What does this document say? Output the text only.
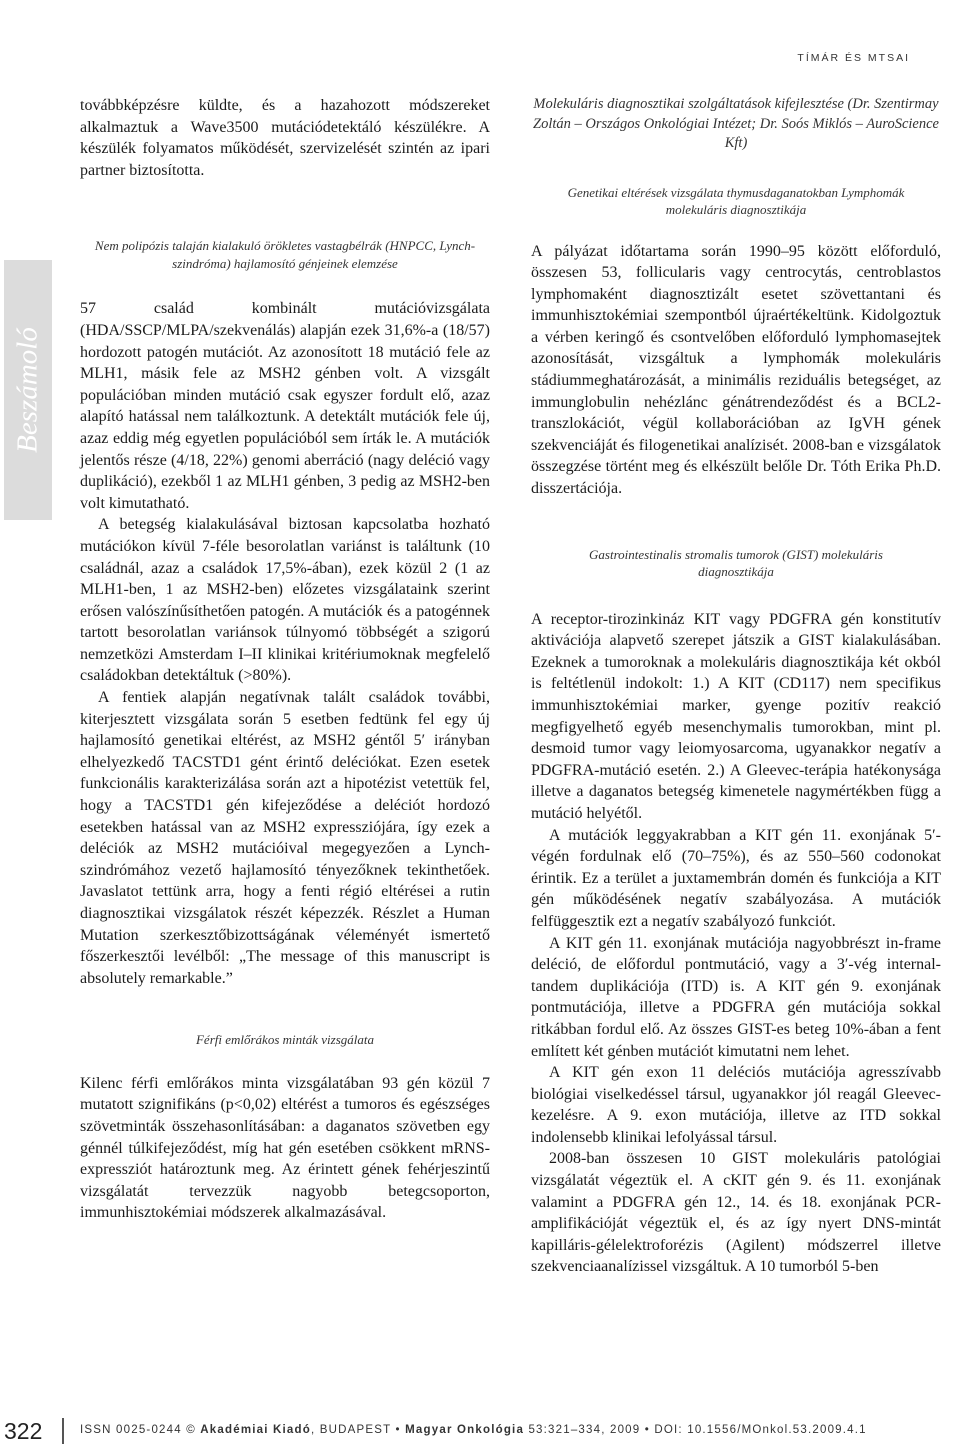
TÍMÁR ÉS MTSAI
Beszámoló

továbbképzésre küldte, és a hazahozott módszereket alkalmaztuk a Wave3500 mutációdetektáló készülékre. A készülék folyamatos működését, szervizelését szintén az ipari partner biztosította.

Nem polipózis talaján kialakuló örökletes vastagbélrák (HNPCC, Lynch-szindróma) hajlamosító génjeinek elemzése

57 család kombinált mutációvizsgálata (HDA/SSCP/MLPA/szekvenálás) alapján ezek 31,6%-a (18/57) hordozott patogén mutációt. Az azonosított 18 mutáció fele az MLH1, másik fele az MSH2 génben volt. A vizsgált populációban minden mutáció csak egyszer fordult elő, azaz alapító hatással nem találkoztunk. A detektált mutációk fele új, azaz eddig még egyetlen populációból sem írták le. A mutációk jelentős része (4/18, 22%) genomi aberráció (nagy deléció vagy duplikáció), ezekből 1 az MLH1 génben, 3 pedig az MSH2-ben volt kimutatható.

A betegség kialakulásával biztosan kapcsolatba hozható mutációkon kívül 7-féle besorolatlan variánst is találtunk (10 családnál, azaz a családok 17,5%-ában), ezek közül 2 (1 az MLH1-ben, 1 az MSH2-ben) előzetes vizsgálataink szerint erősen valószínűsíthetően patogén. A mutációk és a patogénnek tartott besorolatlan variánsok túlnyomó többségét a szigorú nemzetközi Amsterdam I–II klinikai kritériumoknak megfelelő családokban detektáltuk (>80%).

A fentiek alapján negatívnak talált családok további, kiterjesztett vizsgálata során 5 esetben fedtünk fel egy új hajlamosító genetikai eltérést, az MSH2 géntől 5′ irányban elhelyezkedő TACSTD1 gént érintő deléciókat. Ezen esetek funkcionális karakterizálása során azt a hipotézist vetettük fel, hogy a TACSTD1 gén kifejeződése a deléciót hordozó esetekben hatással van az MSH2 expressziójára, így ezek a deléciók az MSH2 mutációival megegyezően a Lynch-szindrómához vezető hajlamosító tényezőknek tekinthetőek. Javaslatot tettünk arra, hogy a fenti régió eltérései a rutin diagnosztikai vizsgálatok részét képezzék. Részlet a Human Mutation szerkesztőbizottságának véleményét ismertető főszerkesztői levélből: „The message of this manuscript is absolutely remarkable.”

Férfi emlőrákos minták vizsgálata

Kilenc férfi emlőrákos minta vizsgálatában 93 gén közül 7 mutatott szignifikáns (p<0,02) eltérést a tumoros és egészséges szövetminták összehasonlításában: a daganatos szövetben egy génnél túlkifejeződést, míg hat gén esetében csökkent mRNS-expressziót határoztunk meg. Az érintett gének fehérjeszintű vizsgálatát tervezzük nagyobb betegcsoporton, immunhisztokémiai módszerek alkalmazásával.

Molekuláris diagnosztikai szolgáltatások kifejlesztése (Dr. Szentirmay Zoltán – Országos Onkológiai Intézet; Dr. Soós Miklós – AuroScience Kft)
Genetikai eltérések vizsgálata thymusdaganatokban Lymphomák molekuláris diagnosztikája

A pályázat időtartama során 1990–95 között előforduló, összesen 53, follicularis vagy centrocytás, centroblastos lymphomaként diagnosztizált esetet szövettantani és immunhisztokémiai szempontból újraértékeltünk. Kidolgoztuk a vérben keringő és csontvelőben előforduló lymphomasejtek azonosítását, vizsgáltuk a lymphomák molekuláris stádiummeghatározását, a minimális reziduális betegséget, az immunglobulin nehézlánc génátrendeződést és a BCL2-transzlokációt, végül kollaborációban az IgVH gének szekvenciáját és filogenetikai analízisét. 2008-ban e vizsgálatok összegzése történt meg és elkészült belőle Dr. Tóth Erika Ph.D. disszertációja.

Gastrointestinalis stromalis tumorok (GIST) molekuláris diagnosztikája

A receptor-tirozinkináz KIT vagy PDGFRA gén konstitutív aktivációja alapvető szerepet játszik a GIST kialakulásában. Ezeknek a tumoroknak a molekuláris diagnosztikája két okból is feltétlenül indokolt: 1.) A KIT (CD117) nem specifikus immunhisztokémiai marker, gyenge pozitív reakció megfigyelhető egyéb mesenchymalis tumorokban, mint pl. desmoid tumor vagy leiomyosarcoma, ugyanakkor negatív a PDGFRA-mutáció esetén. 2.) A Gleevec-terápia hatékonysága illetve a daganatos betegség kimenetele nagymértékben függ a mutáció helyétől.

A mutációk leggyakrabban a KIT gén 11. exonjának 5′-végén fordulnak elő (70–75%), és az 550–560 codonokat érintik. Ez a terület a juxtamembrán domén és funkciója a KIT gén működésének negatív szabályozása. A mutációk felfüggesztik ezt a negatív szabályozó funkciót.

A KIT gén 11. exonjának mutációja nagyobbrészt in-frame deléció, de előfordul pontmutáció, vagy a 3′-vég internal-tandem duplikációja (ITD) is. A KIT gén 9. exonjának pontmutációja, illetve a PDGFRA gén mutációja sokkal ritkábban fordul elő. Az összes GIST-es beteg 10%-ában a fent említett két génben mutációt kimutatni nem lehet.

A KIT gén exon 11 deléciós mutációja agresszívabb biológiai viselkedéssel társul, ugyanakkor jól reagál Gleevec-kezelésre. A 9. exon mutációja, illetve az ITD sokkal indolensebb klinikai lefolyással társul.

2008-ban összesen 10 GIST molekuláris patológiai vizsgálatát végeztük el. A cKIT gén 9. és 11. exonjának valamint a PDGFRA gén 12., 14. és 18. exonjának PCR-amplifikációját végeztük el, és az így nyert DNS-mintát kapilláris-gélelektroforézis (Agilent) módszerrel illetve szekvenciaanalízissel vizsgáltuk. A 10 tumorból 5-ben

322	ISSN 0025-0244 © Akadémiai Kiadó, BUDAPEST • Magyar Onkológia 53:321–334, 2009 • DOI: 10.1556/MOnkol.53.2009.4.1
